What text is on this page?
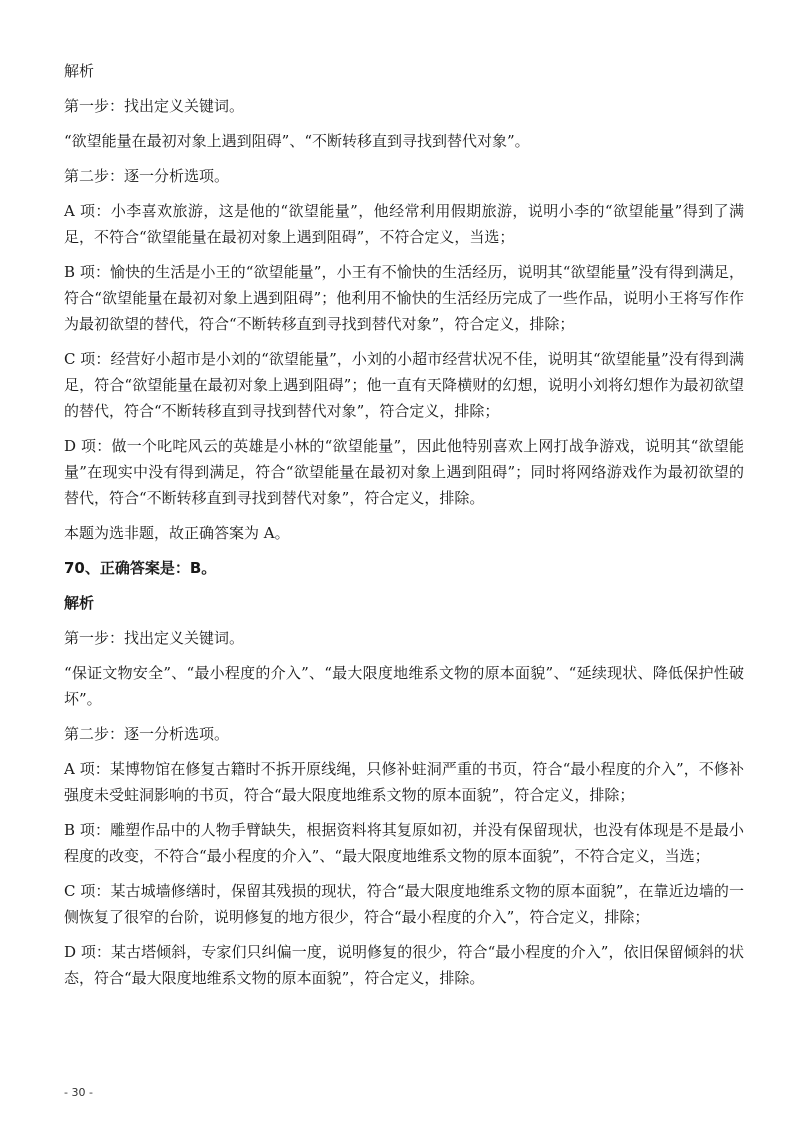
解析
第一步：找出定义关键词。
“欲望能量在最初对象上遇到阻碍”、“不断转移直到寻找到替代对象”。
第二步：逐一分析选项。
A 项：小李喜欢旅游，这是他的“欲望能量”，他经常利用假期旅游，说明小李的“欲望能量”得到了满足，不符合“欲望能量在最初对象上遇到阻碍”，不符合定义，当选；
B 项：愉快的生活是小王的“欲望能量”，小王有不愉快的生活经历，说明其“欲望能量”没有得到满足，符合“欲望能量在最初对象上遇到阻碍”；他利用不愉快的生活经历完成了一些作品，说明小王将写作作为最初欲望的替代，符合“不断转移直到寻找到替代对象”，符合定义，排除；
C 项：经营好小超市是小刘的“欲望能量”，小刘的小超市经营状况不佳，说明其“欲望能量”没有得到满足，符合“欲望能量在最初对象上遇到阻碍”；他一直有天降横财的幻想，说明小刘将幻想作为最初欲望的替代，符合“不断转移直到寻找到替代对象”，符合定义，排除；
D 项：做一个叱咤风云的英雄是小林的“欲望能量”，因此他特别喜欢上网打战争游戏，说明其“欲望能量”在现实中没有得到满足，符合“欲望能量在最初对象上遇到阻碍”；同时将网络游戏作为最初欲望的替代，符合“不断转移直到寻找到替代对象”，符合定义，排除。
本题为选非题，故正确答案为 A。
70、正确答案是：B。
解析
第一步：找出定义关键词。
“保证文物安全”、“最小程度的介入”、“最大限度地维系文物的原本面貌”、“延续现状、降低保护性破坏”。
第二步：逐一分析选项。
A 项：某博物馆在修复古籍时不拆开原线绳，只修补蛀洞严重的书页，符合“最小程度的介入”，不修补强度未受蛀洞影响的书页，符合“最大限度地维系文物的原本面貌”，符合定义，排除；
B 项：雕塑作品中的人物手臂缺失，根据资料将其复原如初，并没有保留现状，也没有体现是不是最小程度的改变，不符合“最小程度的介入”、“最大限度地维系文物的原本面貌”，不符合定义，当选；
C 项：某古城墙修缮时，保留其残损的现状，符合“最大限度地维系文物的原本面貌”，在靠近边墙的一侧恢复了很窄的台阶，说明修复的地方很少，符合“最小程度的介入”，符合定义，排除；
D 项：某古塔倾斜，专家们只纠偏一度，说明修复的很少，符合“最小程度的介入”，依旧保留倾斜的状态，符合“最大限度地维系文物的原本面貌”，符合定义，排除。
- 30 -
